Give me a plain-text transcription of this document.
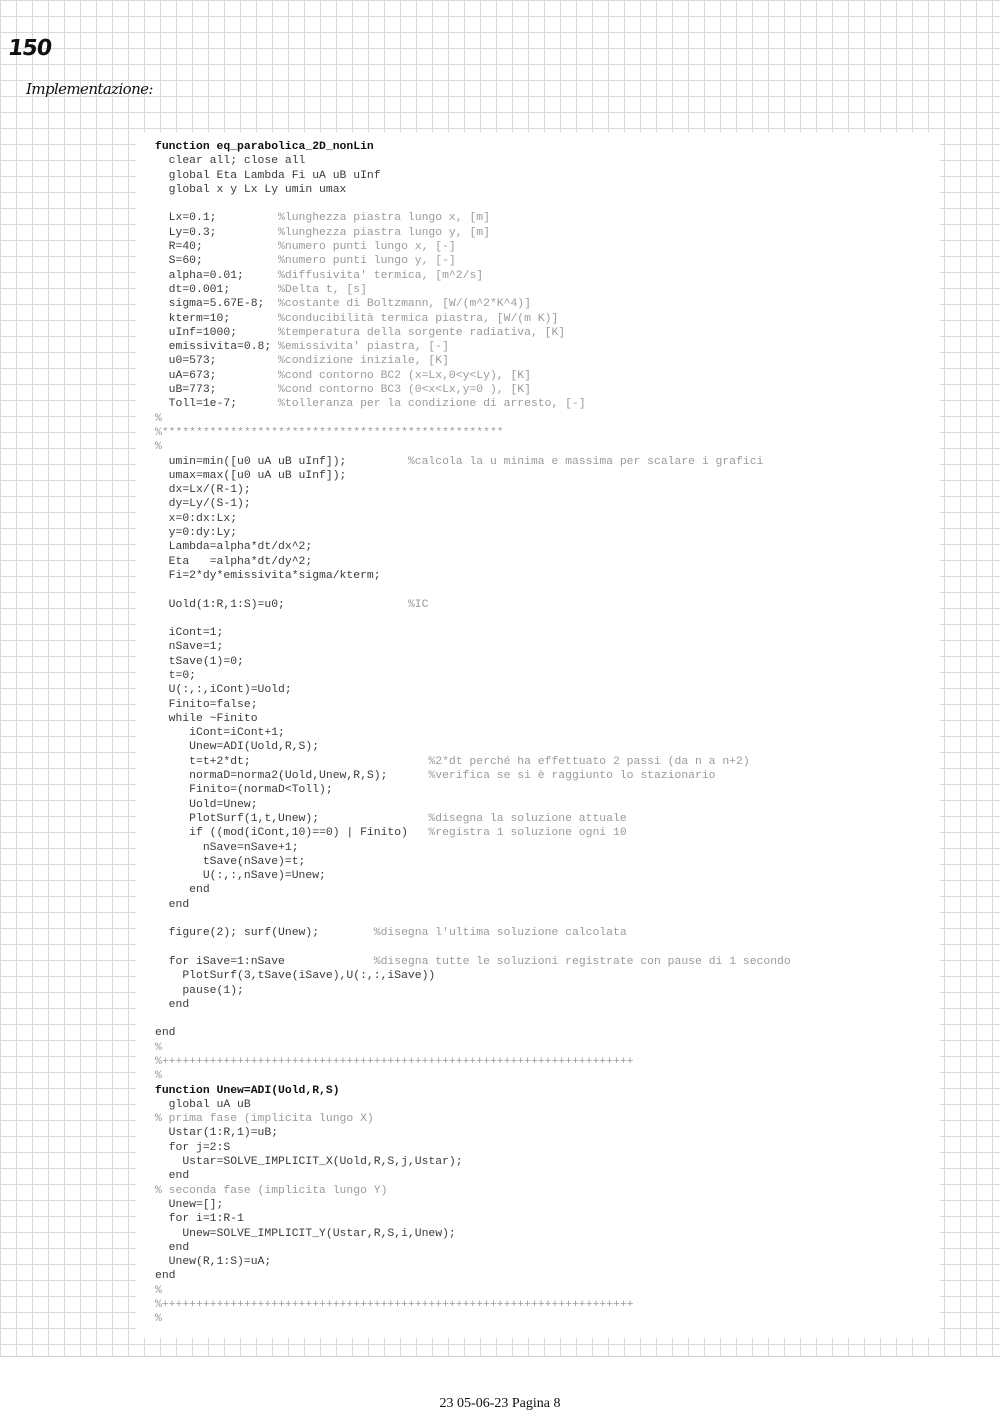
150
Implementazione:
function eq_parabolica_2D_nonLin
clear all; close all
global Eta Lambda Fi uA uB uInf
global x y Lx Ly umin umax
Lx=0.1;         %lunghezza piastra lungo x, [m]
Ly=0.3;         %lunghezza piastra lungo y, [m]
R=40;           %numero punti lungo x, [-]
S=60;           %numero punti lungo y, [-]
alpha=0.01;     %diffusivita' termica, [m^2/s]
dt=0.001;       %Delta t, [s]
sigma=5.67E-8;  %costante di Boltzmann, [W/(m^2*K^4)]
kterm=10;       %conducibilità termica piastra, [W/(m K)]
uInf=1000;      %temperatura della sorgente radiativa, [K]
emissivita=0.8; %emissivita' piastra, [-]
u0=573;         %condizione iniziale, [K]
uA=673;         %cond contorno BC2 (x=Lx,0<y<Ly), [K]
uB=773;         %cond contorno BC3 (0<x<Lx,y=0 ), [K]
Toll=1e-7;      %tolleranza per la condizione di arresto, [-]
%
%**************************************************
%
umin=min([u0 uA uB uInf]);         %calcola la u minima e massima per scalare i grafici
umax=max([u0 uA uB uInf]);
dx=Lx/(R-1);
dy=Ly/(S-1);
x=0:dx:Lx;
y=0:dy:Ly;
Lambda=alpha*dt/dx^2;
Eta   =alpha*dt/dy^2;
Fi=2*dy*emissivita*sigma/kterm;
Uold(1:R,1:S)=u0;                  %IC
iCont=1;
nSave=1;
tSave(1)=0;
t=0;
U(:,:,iCont)=Uold;
Finito=false;
while ~Finito
iCont=iCont+1;
Unew=ADI(Uold,R,S);
t=t+2*dt;                          %2*dt perché ha effettuato 2 passi (da n a n+2)
normaD=norma2(Uold,Unew,R,S);      %verifica se si è raggiunto lo stazionario
Finito=(normaD<Toll);
Uold=Unew;
PlotSurf(1,t,Unew);                %disegna la soluzione attuale
if ((mod(iCont,10)==0) | Finito)   %registra 1 soluzione ogni 10
nSave=nSave+1;
tSave(nSave)=t;
U(:,:,nSave)=Unew;
end
end
figure(2); surf(Unew);        %disegna l'ultima soluzione calcolata
for iSave=1:nSave             %disegna tutte le soluzioni registrate con pause di 1 secondo
PlotSurf(3,tSave(iSave),U(:,:,iSave))
pause(1);
end
end
%
%+++++++++++++++++++++++++++++++++++++++++++++++++++++++++++++++++++++
%
function Unew=ADI(Uold,R,S)
global uA uB
% prima fase (implicita lungo X)
Ustar(1:R,1)=uB;
for j=2:S
Ustar=SOLVE_IMPLICIT_X(Uold,R,S,j,Ustar);
end
% seconda fase (implicita lungo Y)
Unew=[];
for i=1:R-1
Unew=SOLVE_IMPLICIT_Y(Ustar,R,S,i,Unew);
end
Unew(R,1:S)=uA;
end
%
%+++++++++++++++++++++++++++++++++++++++++++++++++++++++++++++++++++++
%
23 05-06-23 Pagina 8
